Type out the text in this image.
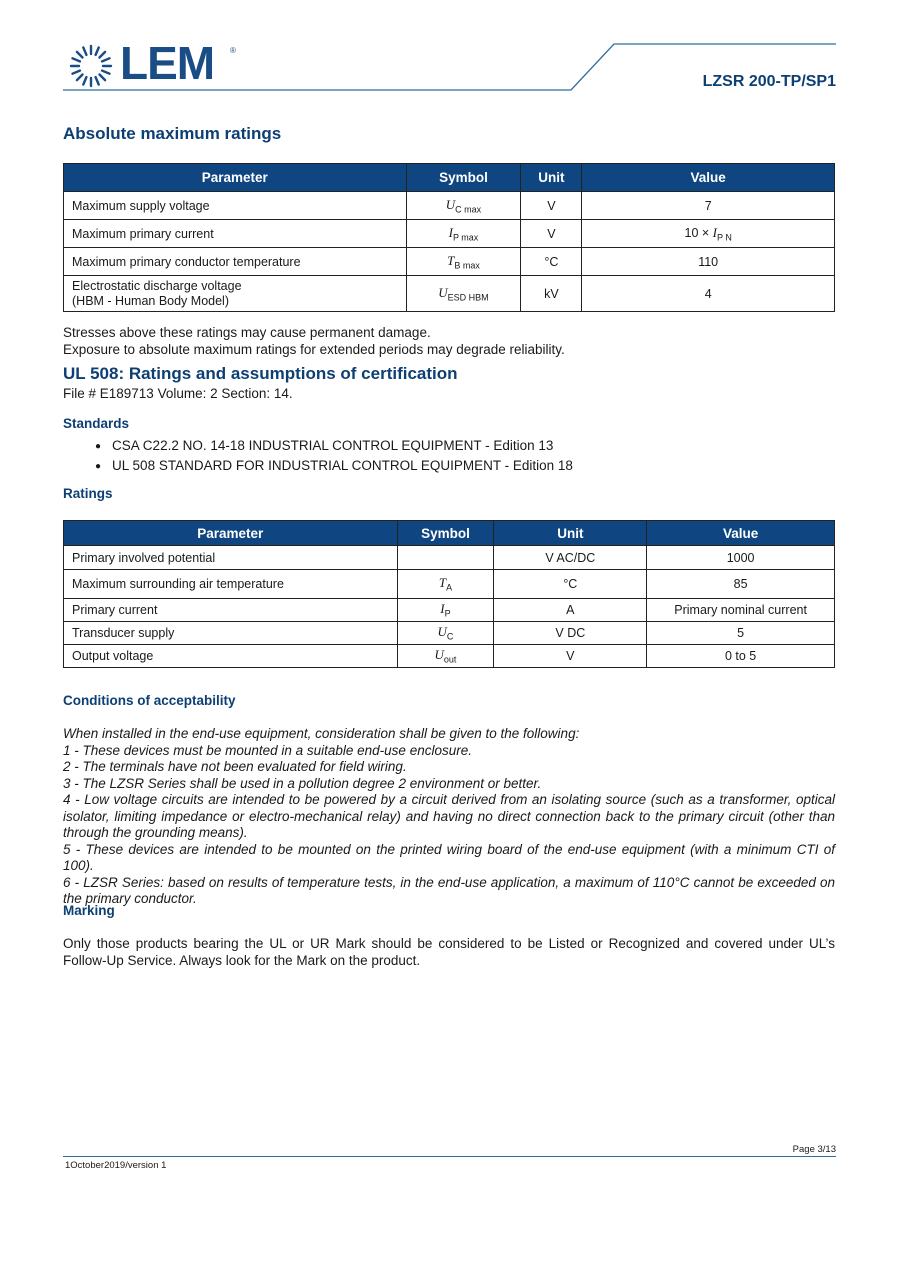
LEM ®
LZSR 200-TP/SP1
Absolute maximum ratings
Parameter	Symbol	Unit	Value
Maximum supply voltage	$U_{C max}$	V	7
Maximum primary current	$I_{P max}$	V	$10 \times I_{P N}$
Maximum primary conductor temperature	$T_{B max}$	°C	110
Electrostatic discharge voltage
(HBM - Human Body Model)	$U_{ESD HBM}$	kV	4
Stresses above these ratings may cause permanent damage.
Exposure to absolute maximum ratings for extended periods may degrade reliability.
UL 508: Ratings and assumptions of certification
File # E189713 Volume: 2 Section: 14.
Standards
● CSA C22.2 NO. 14-18 INDUSTRIAL CONTROL EQUIPMENT - Edition 13
● UL 508 STANDARD FOR INDUSTRIAL CONTROL EQUIPMENT - Edition 18
Ratings
Parameter	Symbol	Unit	Value
Primary involved potential		V AC/DC	1000
Maximum surrounding air temperature	$T_A$	°C	85
Primary current	$I_P$	A	Primary nominal current
Transducer supply	$U_C$	V DC	5
Output voltage	$U_{out}$	V	0 to 5
Conditions of acceptability
When installed in the end-use equipment, consideration shall be given to the following:
1 - These devices must be mounted in a suitable end-use enclosure.
2 - The terminals have not been evaluated for field wiring.
3 - The LZSR Series shall be used in a pollution degree 2 environment or better.
4 - Low voltage circuits are intended to be powered by a circuit derived from an isolating source (such as a transformer, optical isolator, limiting impedance or electro-mechanical relay) and having no direct connection back to the primary circuit (other than through the grounding means).
5 - These devices are intended to be mounted on the printed wiring board of the end-use equipment (with a minimum CTI of 100).
6 - LZSR Series: based on results of temperature tests, in the end-use application, a maximum of 110°C cannot be exceeded on the primary conductor.
Marking
Only those products bearing the UL or UR Mark should be considered to be Listed or Recognized and covered under UL’s Follow-Up Service. Always look for the Mark on the product.
Page 3/13
1October2019/version 1
